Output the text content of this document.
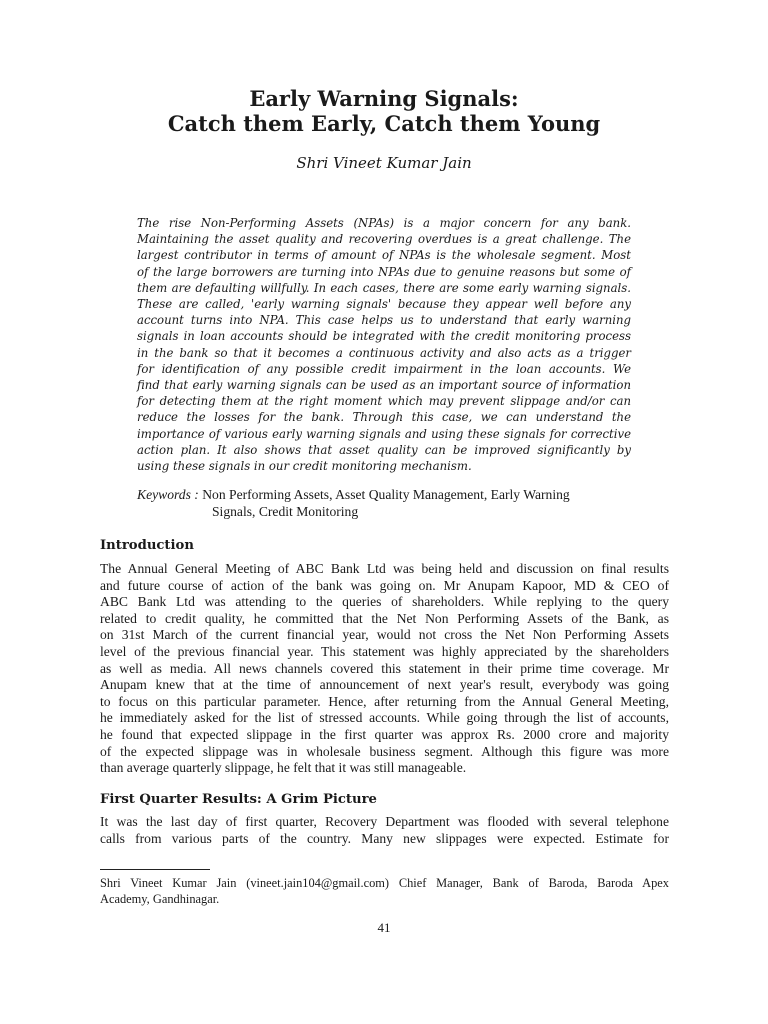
Early Warning Signals:
Catch them Early, Catch them Young
Shri Vineet Kumar Jain
The rise Non-Performing Assets (NPAs) is a major concern for any bank.
Maintaining the asset quality and recovering overdues is a great challenge. The
largest contributor in terms of amount of NPAs is the wholesale segment. Most
of the large borrowers are turning into NPAs due to genuine reasons but some of
them are defaulting willfully. In each cases, there are some early warning signals.
These are called, 'early warning signals' because they appear well before any
account turns into NPA. This case helps us to understand that early warning
signals in loan accounts should be integrated with the credit monitoring process
in the bank so that it becomes a continuous activity and also acts as a trigger
for identification of any possible credit impairment in the loan accounts. We
find that early warning signals can be used as an important source of information
for detecting them at the right moment which may prevent slippage and/or can
reduce the losses for the bank. Through this case, we can understand the
importance of various early warning signals and using these signals for corrective
action plan. It also shows that asset quality can be improved significantly by
using these signals in our credit monitoring mechanism.
Keywords : Non Performing Assets, Asset Quality Management, Early Warning
Signals, Credit Monitoring
Introduction
The Annual General Meeting of ABC Bank Ltd was being held and discussion on final results
and future course of action of the bank was going on. Mr Anupam Kapoor, MD & CEO of
ABC Bank Ltd was attending to the queries of shareholders. While replying to the query
related to credit quality, he committed that the Net Non Performing Assets of the Bank, as
on 31st March of the current financial year, would not cross the Net Non Performing Assets
level of the previous financial year. This statement was highly appreciated by the shareholders
as well as media. All news channels covered this statement in their prime time coverage. Mr
Anupam knew that at the time of announcement of next year's result, everybody was going
to focus on this particular parameter. Hence, after returning from the Annual General Meeting,
he immediately asked for the list of stressed accounts. While going through the list of accounts,
he found that expected slippage in the first quarter was approx Rs. 2000 crore and majority
of the expected slippage was in wholesale business segment. Although this figure was more
than average quarterly slippage, he felt that it was still manageable.
First Quarter Results: A Grim Picture
It was the last day of first quarter, Recovery Department was flooded with several telephone
calls from various parts of the country. Many new slippages were expected. Estimate for
Shri Vineet Kumar Jain (vineet.jain104@gmail.com) Chief Manager, Bank of Baroda, Baroda Apex
Academy, Gandhinagar.
41
